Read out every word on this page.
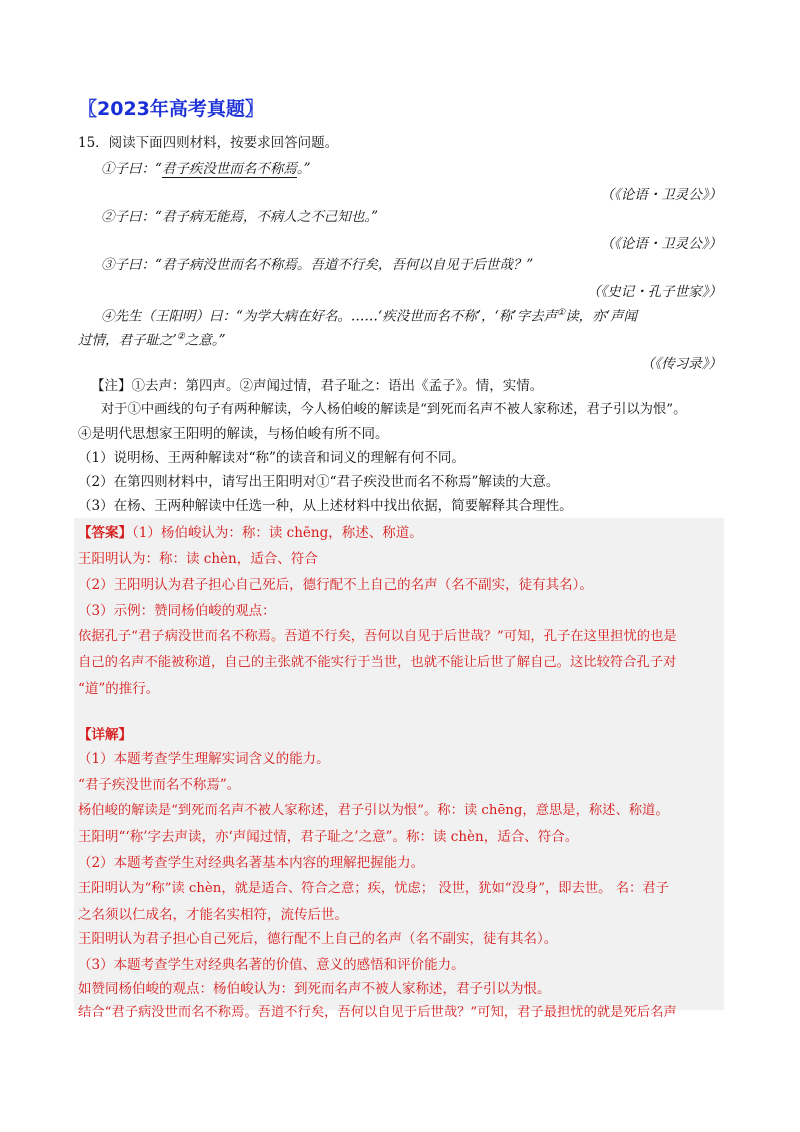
〖2023年高考真题〗
15．阅读下面四则材料，按要求回答问题。
①子曰：“君子疾没世而名不称焉。”
（《论语・卫灵公》）
②子曰：“君子病无能焉，不病人之不己知也。”
（《论语・卫灵公》）
③子曰：“君子病没世而名不称焉。吾道不行矣，吾何以自见于后世哉？”
（《史记・孔子世家》）
④先生（王阳明）曰：“为学大病在好名。……‘疾没世而名不称’，‘称’字去声①读，亦‘声闻
过情，君子耻之’②之意。”
（《传习录》）
【注】①去声：第四声。②声闻过情，君子耻之：语出《孟子》。情，实情。
对于①中画线的句子有两种解读，今人杨伯峻的解读是“到死而名声不被人家称述，君子引以为恨”。
④是明代思想家王阳明的解读，与杨伯峻有所不同。
（1）说明杨、王两种解读对“称”的读音和词义的理解有何不同。
（2）在第四则材料中，请写出王阳明对①“君子疾没世而名不称焉”解读的大意。
（3）在杨、王两种解读中任选一种，从上述材料中找出依据，简要解释其合理性。
【答案】（1）杨伯峻认为：称：读 chēng，称述、称道。
王阳明认为：称：读 chèn，适合、符合
（2）王阳明认为君子担心自己死后，德行配不上自己的名声（名不副实，徒有其名）。
（3）示例：赞同杨伯峻的观点：
依据孔子“君子病没世而名不称焉。吾道不行矣，吾何以自见于后世哉？”可知，孔子在这里担忧的也是
自己的名声不能被称道，自己的主张就不能实行于当世，也就不能让后世了解自己。这比较符合孔子对
“道”的推行。
【详解】
（1）本题考查学生理解实词含义的能力。
“君子疾没世而名不称焉”。
杨伯峻的解读是“到死而名声不被人家称述，君子引以为恨”。称：读 chēng，意思是，称述、称道。
王阳明“‘称’字去声读，亦‘声闻过情，君子耻之’之意”。称：读 chèn，适合、符合。
（2）本题考查学生对经典名著基本内容的理解把握能力。
王阳明认为“称”读 chèn，就是适合、符合之意；疾，忧虑； 没世，犹如“没身”，即去世。 名：君子
之名须以仁成名，才能名实相符，流传后世。
王阳明认为君子担心自己死后，德行配不上自己的名声（名不副实，徒有其名）。
（3）本题考查学生对经典名著的价值、意义的感悟和评价能力。
如赞同杨伯峻的观点：杨伯峻认为：到死而名声不被人家称述，君子引以为恨。
结合“君子病没世而名不称焉。吾道不行矣，吾何以自见于后世哉？”可知，君子最担忧的就是死后名声
